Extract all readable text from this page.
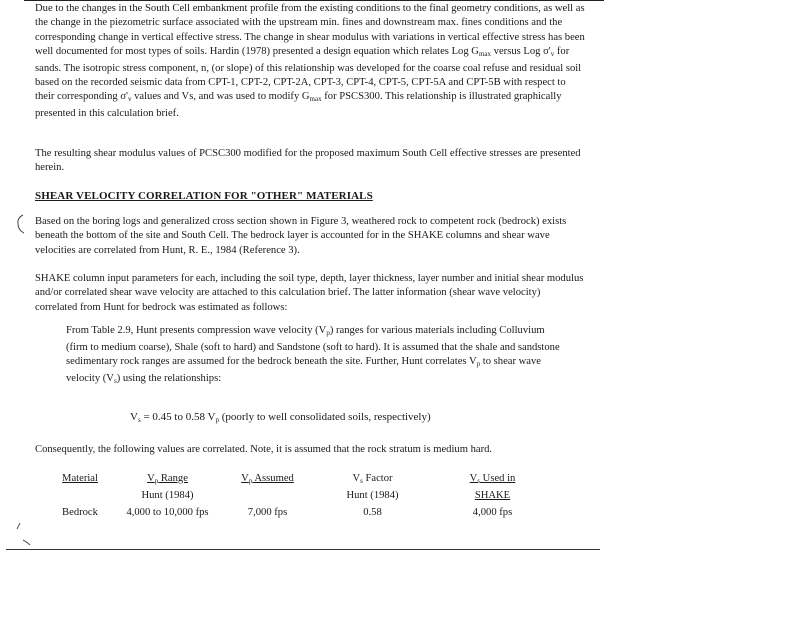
Due to the changes in the South Cell embankment profile from the existing conditions to the final geometry conditions, as well as the change in the piezometric surface associated with the upstream min. fines and downstream max. fines conditions and the corresponding change in vertical effective stress. The change in shear modulus with variations in vertical effective stress has been well documented for most types of soils. Hardin (1978) presented a design equation which relates Log $G_{max}$ versus Log $\sigma'_v$ for sands. The isotropic stress component, n, (or slope) of this relationship was developed for the coarse coal refuse and residual soil based on the recorded seismic data from CPT-1, CPT-2, CPT-2A, CPT-3, CPT-4, CPT-5, CPT-5A and CPT-5B with respect to their corresponding $\sigma'_v$ values and Vs, and was used to modify $G_{max}$ for PSCS300. This relationship is illustrated graphically presented in this calculation brief.

The resulting shear modulus values of PCSC300 modified for the proposed maximum South Cell effective stresses are presented herein.

SHEAR VELOCITY CORRELATION FOR "OTHER" MATERIALS

Based on the boring logs and generalized cross section shown in Figure 3, weathered rock to competent rock (bedrock) exists beneath the bottom of the site and South Cell. The bedrock layer is accounted for in the SHAKE columns and shear wave velocities are correlated from Hunt, R. E., 1984 (Reference 3).

SHAKE column input parameters for each, including the soil type, depth, layer thickness, layer number and initial shear modulus and/or correlated shear wave velocity are attached to this calculation brief. The latter information (shear wave velocity) correlated from Hunt for bedrock was estimated as follows:

From Table 2.9, Hunt presents compression wave velocity $(V_p)$ ranges for various materials including Colluvium (firm to medium coarse), Shale (soft to hard) and Sandstone (soft to hard). It is assumed that the shale and sandstone sedimentary rock ranges are assumed for the bedrock beneath the site. Further, Hunt correlates $V_p$ to shear wave velocity $(V_s)$ using the relationships:

$V_s = 0.45$ to 0.58 $V_p$ (poorly to well consolidated soils, respectively)

Consequently, the following values are correlated. Note, it is assumed that the rock stratum is medium hard.

Material	$V_p$ Range	$V_p$ Assumed	$V_s$ Factor	$V_s$ Used in
	Hunt (1984)		Hunt (1984)	SHAKE
Bedrock	4,000 to 10,000 fps	7,000 fps	0.58	4,000 fps
